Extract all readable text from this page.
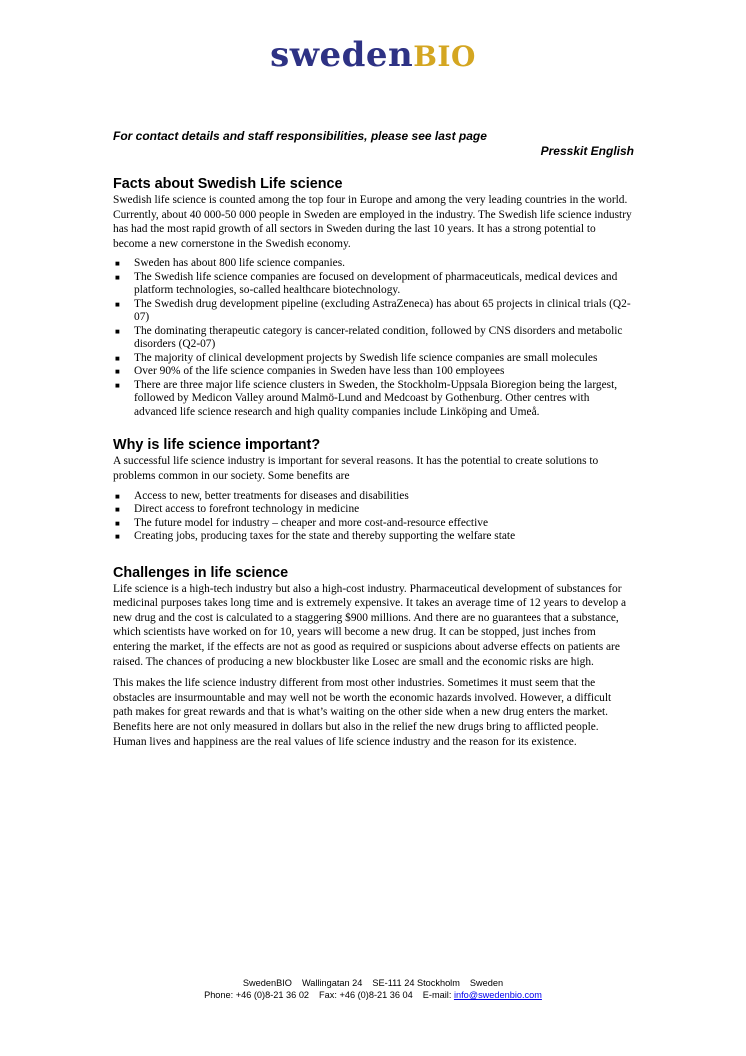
swedenBIO
For contact details and staff responsibilities, please see last page
Presskit English
Facts about Swedish Life science

Swedish life science is counted among the top four in Europe and among the very leading countries in the world. Currently, about 40 000-50 000 people in Sweden are employed in the industry. The Swedish life science industry has had the most rapid growth of all sectors in Sweden during the last 10 years. It has a strong potential to become a new cornerstone in the Swedish economy.

■ Sweden has about 800 life science companies.
■ The Swedish life science companies are focused on development of pharmaceuticals, medical devices and platform technologies, so-called healthcare biotechnology.
■ The Swedish drug development pipeline (excluding AstraZeneca) has about 65 projects in clinical trials (Q2-07)
■ The dominating therapeutic category is cancer-related condition, followed by CNS disorders and metabolic disorders (Q2-07)
■ The majority of clinical development projects by Swedish life science companies are small molecules
■ Over 90% of the life science companies in Sweden have less than 100 employees
■ There are three major life science clusters in Sweden, the Stockholm-Uppsala Bioregion being the largest, followed by Medicon Valley around Malmö-Lund and Medcoast by Gothenburg. Other centres with advanced life science research and high quality companies include Linköping and Umeå.
Why is life science important?

A successful life science industry is important for several reasons. It has the potential to create solutions to problems common in our society. Some benefits are

■ Access to new, better treatments for diseases and disabilities
■ Direct access to forefront technology in medicine
■ The future model for industry – cheaper and more cost-and-resource effective
■ Creating jobs, producing taxes for the state and thereby supporting the welfare state
Challenges in life science

Life science is a high-tech industry but also a high-cost industry. Pharmaceutical development of substances for medicinal purposes takes long time and is extremely expensive. It takes an average time of 12 years to develop a new drug and the cost is calculated to a staggering $900 millions. And there are no guarantees that a substance, which scientists have worked on for 10, years will become a new drug. It can be stopped, just inches from entering the market, if the effects are not as good as required or suspicions about adverse effects on patients are raised. The chances of producing a new blockbuster like Losec are small and the economic risks are high.

This makes the life science industry different from most other industries. Sometimes it must seem that the obstacles are insurmountable and may well not be worth the economic hazards involved. However, a difficult path makes for great rewards and that is what’s waiting on the other side when a new drug enters the market. Benefits here are not only measured in dollars but also in the relief the new drugs bring to afflicted people. Human lives and happiness are the real values of life science industry and the reason for its existence.

SwedenBIO Wallingatan 24 SE-111 24 Stockholm Sweden
Phone: +46 (0)8-21 36 02 Fax: +46 (0)8-21 36 04 E-mail: info@swedenbio.com
